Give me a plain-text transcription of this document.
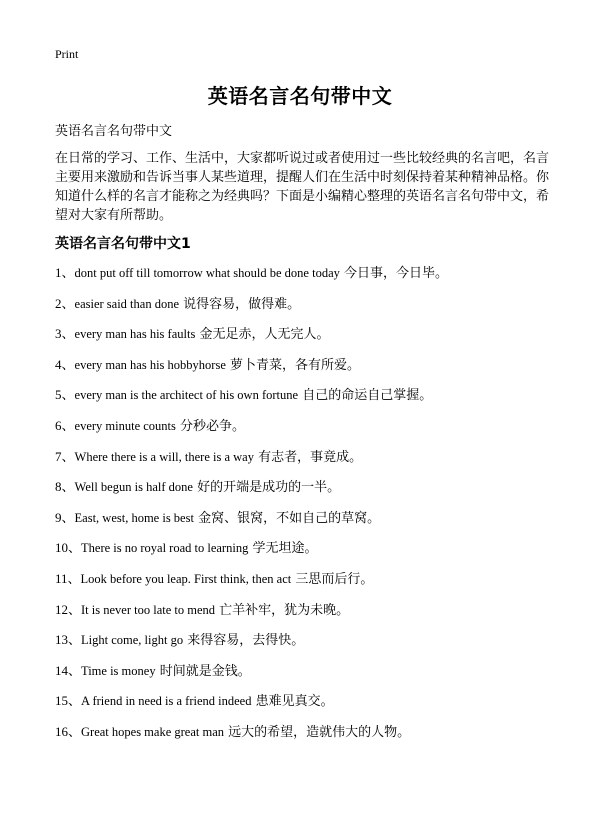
Print
英语名言名句带中文
英语名言名句带中文

在日常的学习、工作、生活中，大家都听说过或者使用过一些比较经典的名言吧，名言主要用来激励和告诉当事人某些道理，提醒人们在生活中时刻保持着某种精神品格。你知道什么样的名言才能称之为经典吗？下面是小编精心整理的英语名言名句带中文，希望对大家有所帮助。

英语名言名句带中文1
1、dont put off till tomorrow what should be done today 今日事，今日毕。
2、easier said than done 说得容易，做得难。
3、every man has his faults 金无足赤，人无完人。
4、every man has his hobbyhorse 萝卜青菜，各有所爱。
5、every man is the architect of his own fortune 自己的命运自己掌握。
6、every minute counts 分秒必争。
7、Where there is a will, there is a way 有志者，事竟成。
8、Well begun is half done 好的开端是成功的一半。
9、East, west, home is best 金窝、银窝，不如自己的草窝。
10、There is no royal road to learning 学无坦途。
11、Look before you leap. First think, then act 三思而后行。
12、It is never too late to mend 亡羊补牢，犹为未晚。
13、Light come, light go 来得容易，去得快。
14、Time is money 时间就是金钱。
15、A friend in need is a friend indeed 患难见真交。
16、Great hopes make great man 远大的希望，造就伟大的人物。
